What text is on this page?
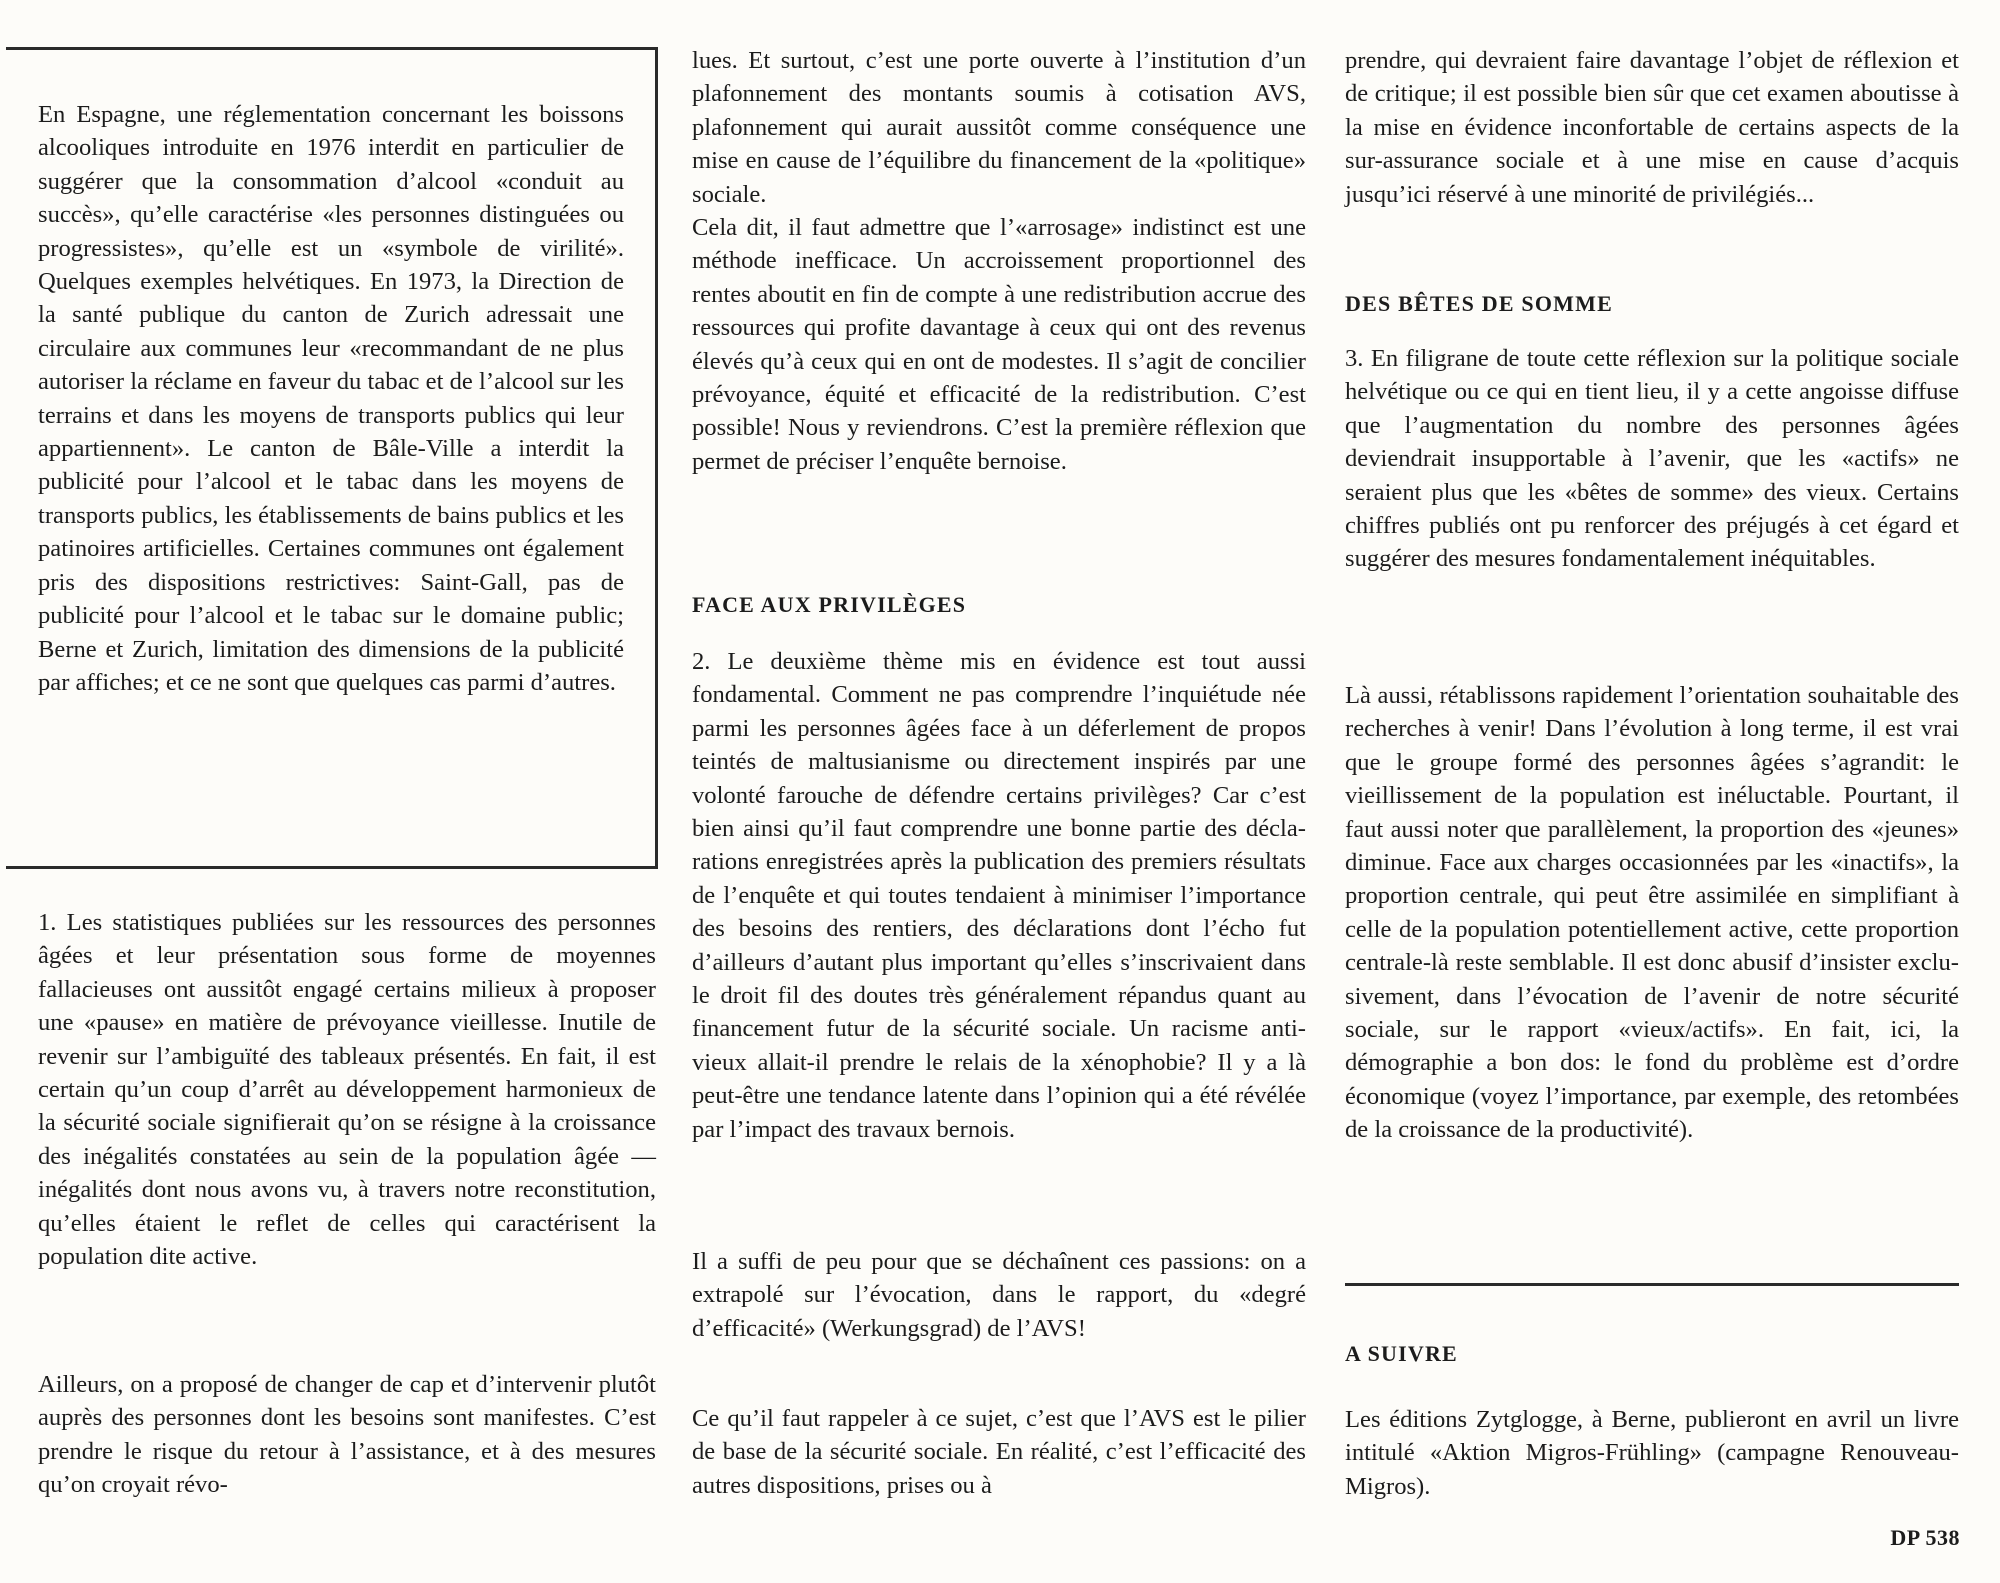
En Espagne, une réglementation concernant les boissons alcooliques introduite en 1976 interdit en particulier de suggérer que la consommation d’alcool «conduit au succès», qu’elle caractérise «les personnes distinguées ou progressistes», qu’elle est un «symbole de virilité». Quelques exemples helvétiques. En 1973, la Direction de la santé publique du canton de Zurich adressait une circulaire aux communes leur «recommandant de ne plus autoriser la réclame en faveur du tabac et de l’alcool sur les terrains et dans les moyens de transports publics qui leur appartiennent». Le canton de Bâle-Ville a interdit la publicité pour l’alcool et le tabac dans les moyens de transports publics, les établissements de bains publics et les patinoires artificielles. Certaines communes ont également pris des dispositions restrictives: Saint-Gall, pas de publicité pour l’alcool et le tabac sur le domaine public; Berne et Zurich, limitation des dimensions de la publicité par affiches; et ce ne sont que quelques cas parmi d’autres.

1. Les statistiques publiées sur les ressources des personnes âgées et leur présentation sous forme de moyennes fallacieuses ont aussitôt engagé certains milieux à proposer une «pause» en matière de prévoyance vieillesse. Inutile de revenir sur l’ambiguïté des tableaux présentés. En fait, il est certain qu’un coup d’arrêt au développement harmonieux de la sécurité sociale signifierait qu’on se résigne à la croissance des inégalités constatées au sein de la population âgée — inégalités dont nous avons vu, à travers notre reconstitution, qu’elles étaient le reflet de celles qui caractérisent la population dite active.

Ailleurs, on a proposé de changer de cap et d’intervenir plutôt auprès des personnes dont les besoins sont manifestes. C’est prendre le risque du retour à l’assistance, et à des mesures qu’on croyait révo-

lues. Et surtout, c’est une porte ouverte à l’institution d’un plafonnement des montants soumis à cotisation AVS, plafonnement qui aurait aussitôt comme conséquence une mise en cause de l’équilibre du financement de la «politique» sociale.

Cela dit, il faut admettre que l’«arrosage» indistinct est une méthode inefficace. Un accroissement proportionnel des rentes aboutit en fin de compte à une redistribution accrue des ressources qui profite davantage à ceux qui ont des revenus élevés qu’à ceux qui en ont de modestes. Il s’agit de concilier prévoyance, équité et efficacité de la redistribution. C’est possible! Nous y reviendrons. C’est la première réflexion que permet de préciser l’enquête bernoise.

FACE AUX PRIVILÈGES

2. Le deuxième thème mis en évidence est tout aussi fondamental. Comment ne pas comprendre l’inquiétude née parmi les personnes âgées face à un déferlement de propos teintés de maltusianisme ou directement inspirés par une volonté farouche de défendre certains privilèges? Car c’est bien ainsi qu’il faut comprendre une bonne partie des déclarations enregistrées après la publication des premiers résultats de l’enquête et qui toutes tendaient à minimiser l’importance des besoins des rentiers, des déclarations dont l’écho fut d’ailleurs d’autant plus important qu’elles s’inscrivaient dans le droit fil des doutes très généralement répandus quant au financement futur de la sécurité sociale. Un racisme anti-vieux allait-il prendre le relais de la xénophobie? Il y a là peut-être une tendance latente dans l’opinion qui a été révélée par l’impact des travaux bernois.

Il a suffi de peu pour que se déchaînent ces passions: on a extrapolé sur l’évocation, dans le rapport, du «degré d’efficacité» (Werkungsgrad) de l’AVS!

Ce qu’il faut rappeler à ce sujet, c’est que l’AVS est le pilier de base de la sécurité sociale. En réalité, c’est l’efficacité des autres dispositions, prises ou à

prendre, qui devraient faire davantage l’objet de réflexion et de critique; il est possible bien sûr que cet examen aboutisse à la mise en évidence inconfortable de certains aspects de la sur-assurance sociale et à une mise en cause d’acquis jusqu’ici réservé à une minorité de privilégiés...

DES BÊTES DE SOMME

3. En filigrane de toute cette réflexion sur la politique sociale helvétique ou ce qui en tient lieu, il y a cette angoisse diffuse que l’augmentation du nombre des personnes âgées deviendrait insupportable à l’avenir, que les «actifs» ne seraient plus que les «bêtes de somme» des vieux. Certains chiffres publiés ont pu renforcer des préjugés à cet égard et suggérer des mesures fondamentalement inéquitables.

Là aussi, rétablissons rapidement l’orientation souhaitable des recherches à venir! Dans l’évolution à long terme, il est vrai que le groupe formé des personnes âgées s’agrandit: le vieillissement de la population est inéluctable. Pourtant, il faut aussi noter que parallèlement, la proportion des «jeunes» diminue. Face aux charges occasionnées par les «inactifs», la proportion centrale, qui peut être assimilée en simplifiant à celle de la population potentiellement active, cette proportion centrale-là reste semblable. Il est donc abusif d’insister exclusivement, dans l’évocation de l’avenir de notre sécurité sociale, sur le rapport «vieux/actifs». En fait, ici, la démographie a bon dos: le fond du problème est d’ordre économique (voyez l’importance, par exemple, des retombées de la croissance de la productivité).

A SUIVRE

Les éditions Zytglogge, à Berne, publieront en avril un livre intitulé «Aktion Migros-Frühling» (campagne Renouveau-Migros).

DP 538
